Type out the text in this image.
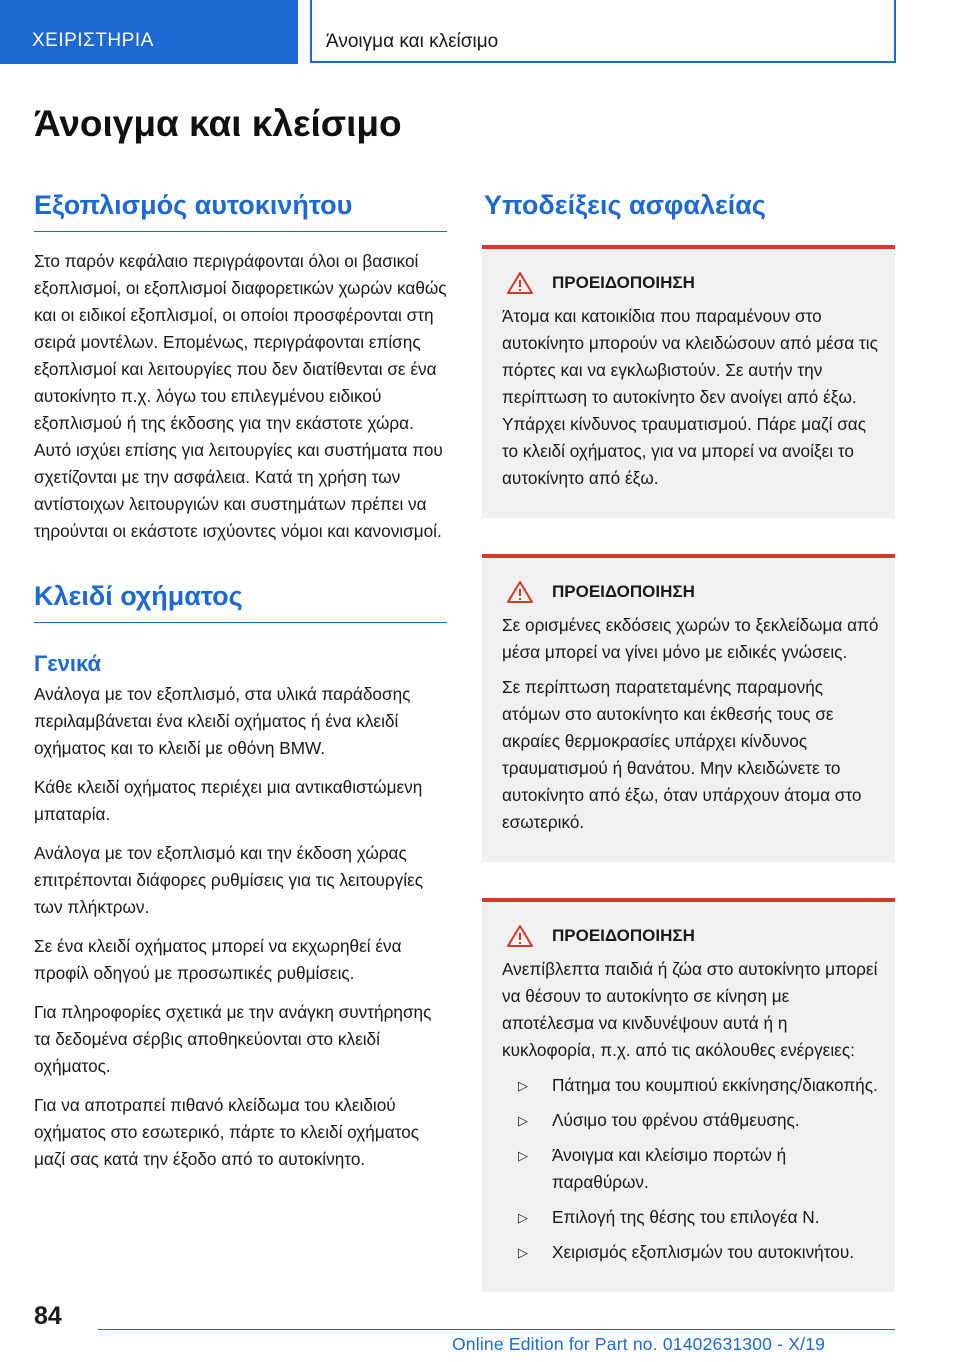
ΧΕΙΡΙΣΤΗΡΙΑ	Άνοιγμα και κλείσιμο
Άνοιγμα και κλείσιμο
Εξοπλισμός αυτοκινήτου

Στο παρόν κεφάλαιο περιγράφονται όλοι οι βασικοί εξοπλισμοί, οι εξοπλισμοί διαφορετικών χωρών καθώς και οι ειδικοί εξοπλισμοί, οι οποίοι προσφέρονται στη σειρά μοντέλων. Επομένως, περιγράφονται επίσης εξοπλισμοί και λειτουργίες που δεν διατίθενται σε ένα αυτοκίνητο π.χ. λόγω του επιλεγμένου ειδικού εξοπλισμού ή της έκδοσης για την εκάστοτε χώρα. Αυτό ισχύει επίσης για λειτουργίες και συστήματα που σχετίζονται με την ασφάλεια. Κατά τη χρήση των αντίστοιχων λειτουργιών και συστημάτων πρέπει να τηρούνται οι εκάστοτε ισχύοντες νόμοι και κανονισμοί.

Κλειδί οχήματος
Γενικά

Ανάλογα με τον εξοπλισμό, στα υλικά παράδοσης περιλαμβάνεται ένα κλειδί οχήματος ή ένα κλειδί οχήματος και το κλειδί με οθόνη BMW.

Κάθε κλειδί οχήματος περιέχει μια αντικαθιστώμενη μπαταρία.

Ανάλογα με τον εξοπλισμό και την έκδοση χώρας επιτρέπονται διάφορες ρυθμίσεις για τις λειτουργίες των πλήκτρων.

Σε ένα κλειδί οχήματος μπορεί να εκχωρηθεί ένα προφίλ οδηγού με προσωπικές ρυθμίσεις.

Για πληροφορίες σχετικά με την ανάγκη συντήρησης τα δεδομένα σέρβις αποθηκεύονται στο κλειδί οχήματος.

Για να αποτραπεί πιθανό κλείδωμα του κλειδιού οχήματος στο εσωτερικό, πάρτε το κλειδί οχήματος μαζί σας κατά την έξοδο από το αυτοκίνητο.

Υποδείξεις ασφαλείας
ΠΡΟΕΙΔΟΠΟΙΗΣΗ

Άτομα και κατοικίδια που παραμένουν στο αυτοκίνητο μπορούν να κλειδώσουν από μέσα τις πόρτες και να εγκλωβιστούν. Σε αυτήν την περίπτωση το αυτοκίνητο δεν ανοίγει από έξω. Υπάρχει κίνδυνος τραυματισμού. Πάρε μαζί σας το κλειδί οχήματος, για να μπορεί να ανοίξει το αυτοκίνητο από έξω.

ΠΡΟΕΙΔΟΠΟΙΗΣΗ

Σε ορισμένες εκδόσεις χωρών το ξεκλείδωμα από μέσα μπορεί να γίνει μόνο με ειδικές γνώσεις.

Σε περίπτωση παρατεταμένης παραμονής ατόμων στο αυτοκίνητο και έκθεσής τους σε ακραίες θερμοκρασίες υπάρχει κίνδυνος τραυματισμού ή θανάτου. Μην κλειδώνετε το αυτοκίνητο από έξω, όταν υπάρχουν άτομα στο εσωτερικό.

ΠΡΟΕΙΔΟΠΟΙΗΣΗ

Ανεπίβλεπτα παιδιά ή ζώα στο αυτοκίνητο μπορεί να θέσουν το αυτοκίνητο σε κίνηση με αποτέλεσμα να κινδυνέψουν αυτά ή η κυκλοφορία, π.χ. από τις ακόλουθες ενέργειες:

▷	Πάτημα του κουμπιού εκκίνησης/διακοπής.
▷	Λύσιμο του φρένου στάθμευσης.
▷	Άνοιγμα και κλείσιμο πορτών ή παραθύρων.
▷	Επιλογή της θέσης του επιλογέα N.
▷	Χειρισμός εξοπλισμών του αυτοκινήτου.

84

Online Edition for Part no. 01402631300 - X/19
